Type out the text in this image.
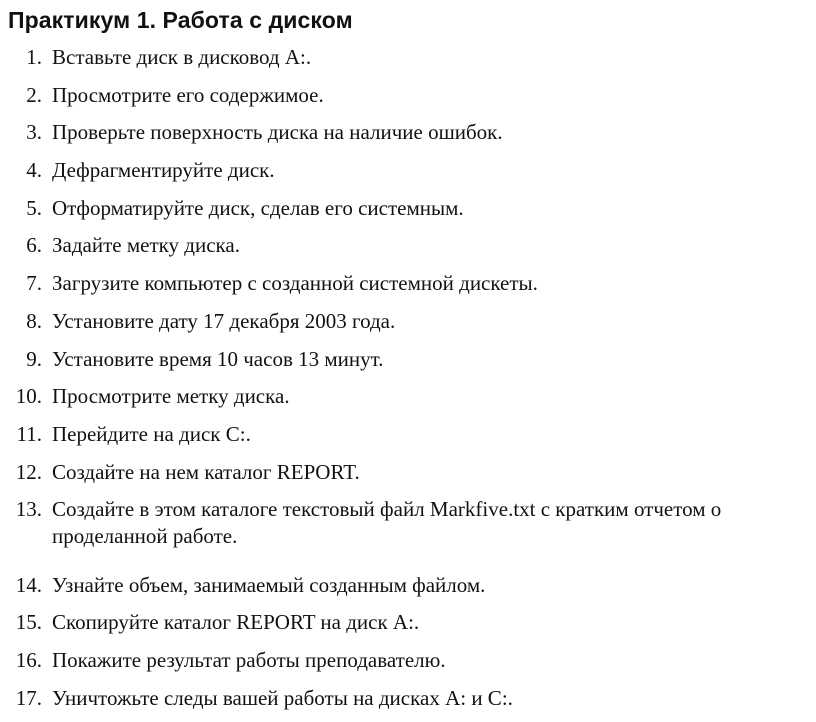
Практикум 1. Работа с диском
1. Вставьте диск в дисковод A:.
2. Просмотрите его содержимое.
3. Проверьте поверхность диска на наличие ошибок.
4. Дефрагментируйте диск.
5. Отформатируйте диск, сделав его системным.
6. Задайте метку диска.
7. Загрузите компьютер с созданной системной дискеты.
8. Установите дату 17 декабря 2003 года.
9. Установите время 10 часов 13 минут.
10. Просмотрите метку диска.
11. Перейдите на диск C:.
12. Создайте на нем каталог REPORT.
13. Создайте в этом каталоге текстовый файл Markfive.txt с кратким отчетом о проделанной работе.
14. Узнайте объем, занимаемый созданным файлом.
15. Скопируйте каталог REPORT на диск A:.
16. Покажите результат работы преподавателю.
17. Уничтожьте следы вашей работы на дисках A: и C:.
